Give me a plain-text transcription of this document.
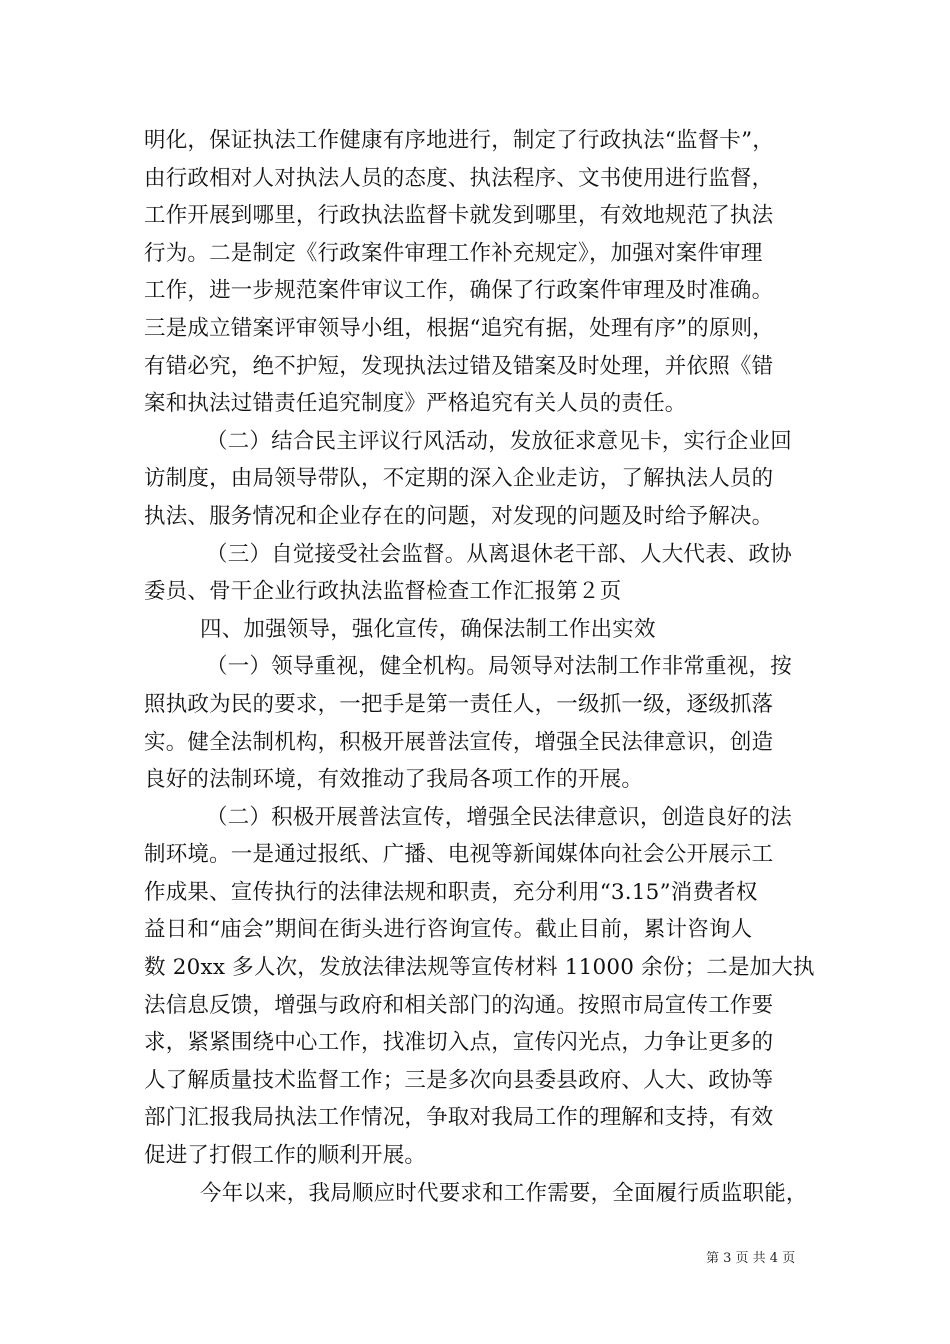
明化，保证执法工作健康有序地进行，制定了行政执法“监督卡”，
由行政相对人对执法人员的态度、执法程序、文书使用进行监督，
工作开展到哪里，行政执法监督卡就发到哪里，有效地规范了执法
行为。二是制定《行政案件审理工作补充规定》，加强对案件审理
工作，进一步规范案件审议工作，确保了行政案件审理及时准确。
三是成立错案评审领导小组，根据“追究有据，处理有序”的原则，
有错必究，绝不护短，发现执法过错及错案及时处理，并依照《错
案和执法过错责任追究制度》严格追究有关人员的责任。
（二）结合民主评议行风活动，发放征求意见卡，实行企业回
访制度，由局领导带队，不定期的深入企业走访，了解执法人员的
执法、服务情况和企业存在的问题，对发现的问题及时给予解决。
（三）自觉接受社会监督。从离退休老干部、人大代表、政协
委员、骨干企业行政执法监督检查工作汇报第２页
四、加强领导，强化宣传，确保法制工作出实效
（一）领导重视，健全机构。局领导对法制工作非常重视，按
照执政为民的要求，一把手是第一责任人，一级抓一级，逐级抓落
实。健全法制机构，积极开展普法宣传，增强全民法律意识，创造
良好的法制环境，有效推动了我局各项工作的开展。
（二）积极开展普法宣传，增强全民法律意识，创造良好的法
制环境。一是通过报纸、广播、电视等新闻媒体向社会公开展示工
作成果、宣传执行的法律法规和职责，充分利用“3.15”消费者权
益日和“庙会”期间在街头进行咨询宣传。截止目前，累计咨询人
数 20xx 多人次，发放法律法规等宣传材料 11000 余份；二是加大执
法信息反馈，增强与政府和相关部门的沟通。按照市局宣传工作要
求，紧紧围绕中心工作，找准切入点，宣传闪光点，力争让更多的
人了解质量技术监督工作；三是多次向县委县政府、人大、政协等
部门汇报我局执法工作情况，争取对我局工作的理解和支持，有效
促进了打假工作的顺利开展。
今年以来，我局顺应时代要求和工作需要，全面履行质监职能，
第 3 页 共 4 页
